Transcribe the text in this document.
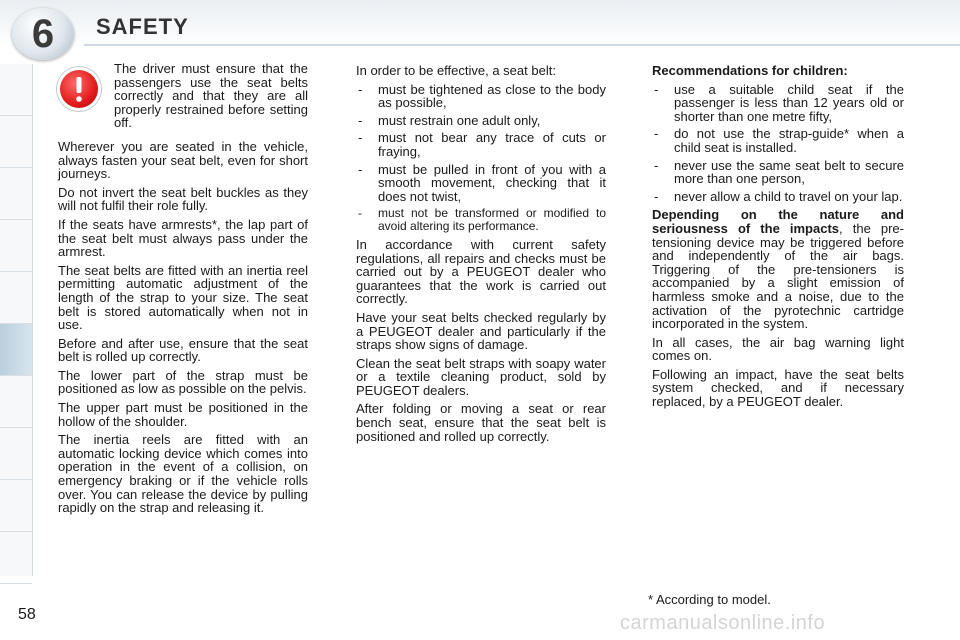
6	SAFETY

The driver must ensure that the passengers use the seat belts correctly and that they are all properly restrained before setting off.

Wherever you are seated in the vehicle, always fasten your seat belt, even for short journeys.

Do not invert the seat belt buckles as they will not fulfil their role fully.

If the seats have armrests*, the lap part of the seat belt must always pass under the armrest.

The seat belts are fitted with an inertia reel permitting automatic adjustment of the length of the strap to your size. The seat belt is stored automatically when not in use.

Before and after use, ensure that the seat belt is rolled up correctly.

The lower part of the strap must be positioned as low as possible on the pelvis.

The upper part must be positioned in the hollow of the shoulder.

The inertia reels are fitted with an automatic locking device which comes into operation in the event of a collision, on emergency braking or if the vehicle rolls over. You can release the device by pulling rapidly on the strap and releasing it.

In order to be effective, a seat belt:

- must be tightened as close to the body as possible,
- must restrain one adult only,
- must not bear any trace of cuts or fraying,
- must be pulled in front of you with a smooth movement, checking that it does not twist,
- must not be transformed or modified to avoid altering its performance.

In accordance with current safety regulations, all repairs and checks must be carried out by a PEUGEOT dealer who guarantees that the work is carried out correctly.

Have your seat belts checked regularly by a PEUGEOT dealer and particularly if the straps show signs of damage.

Clean the seat belt straps with soapy water or a textile cleaning product, sold by PEUGEOT dealers.

After folding or moving a seat or rear bench seat, ensure that the seat belt is positioned and rolled up correctly.

Recommendations for children:

- use a suitable child seat if the passenger is less than 12 years old or shorter than one metre fifty,
- do not use the strap-guide* when a child seat is installed.
- never use the same seat belt to secure more than one person,
- never allow a child to travel on your lap.

Depending on the nature and seriousness of the impacts, the pre-tensioning device may be triggered before and independently of the air bags. Triggering of the pre-tensioners is accompanied by a slight emission of harmless smoke and a noise, due to the activation of the pyrotechnic cartridge incorporated in the system.

In all cases, the air bag warning light comes on.

Following an impact, have the seat belts system checked, and if necessary replaced, by a PEUGEOT dealer.

* According to model.
58	carmanualsonline.info
